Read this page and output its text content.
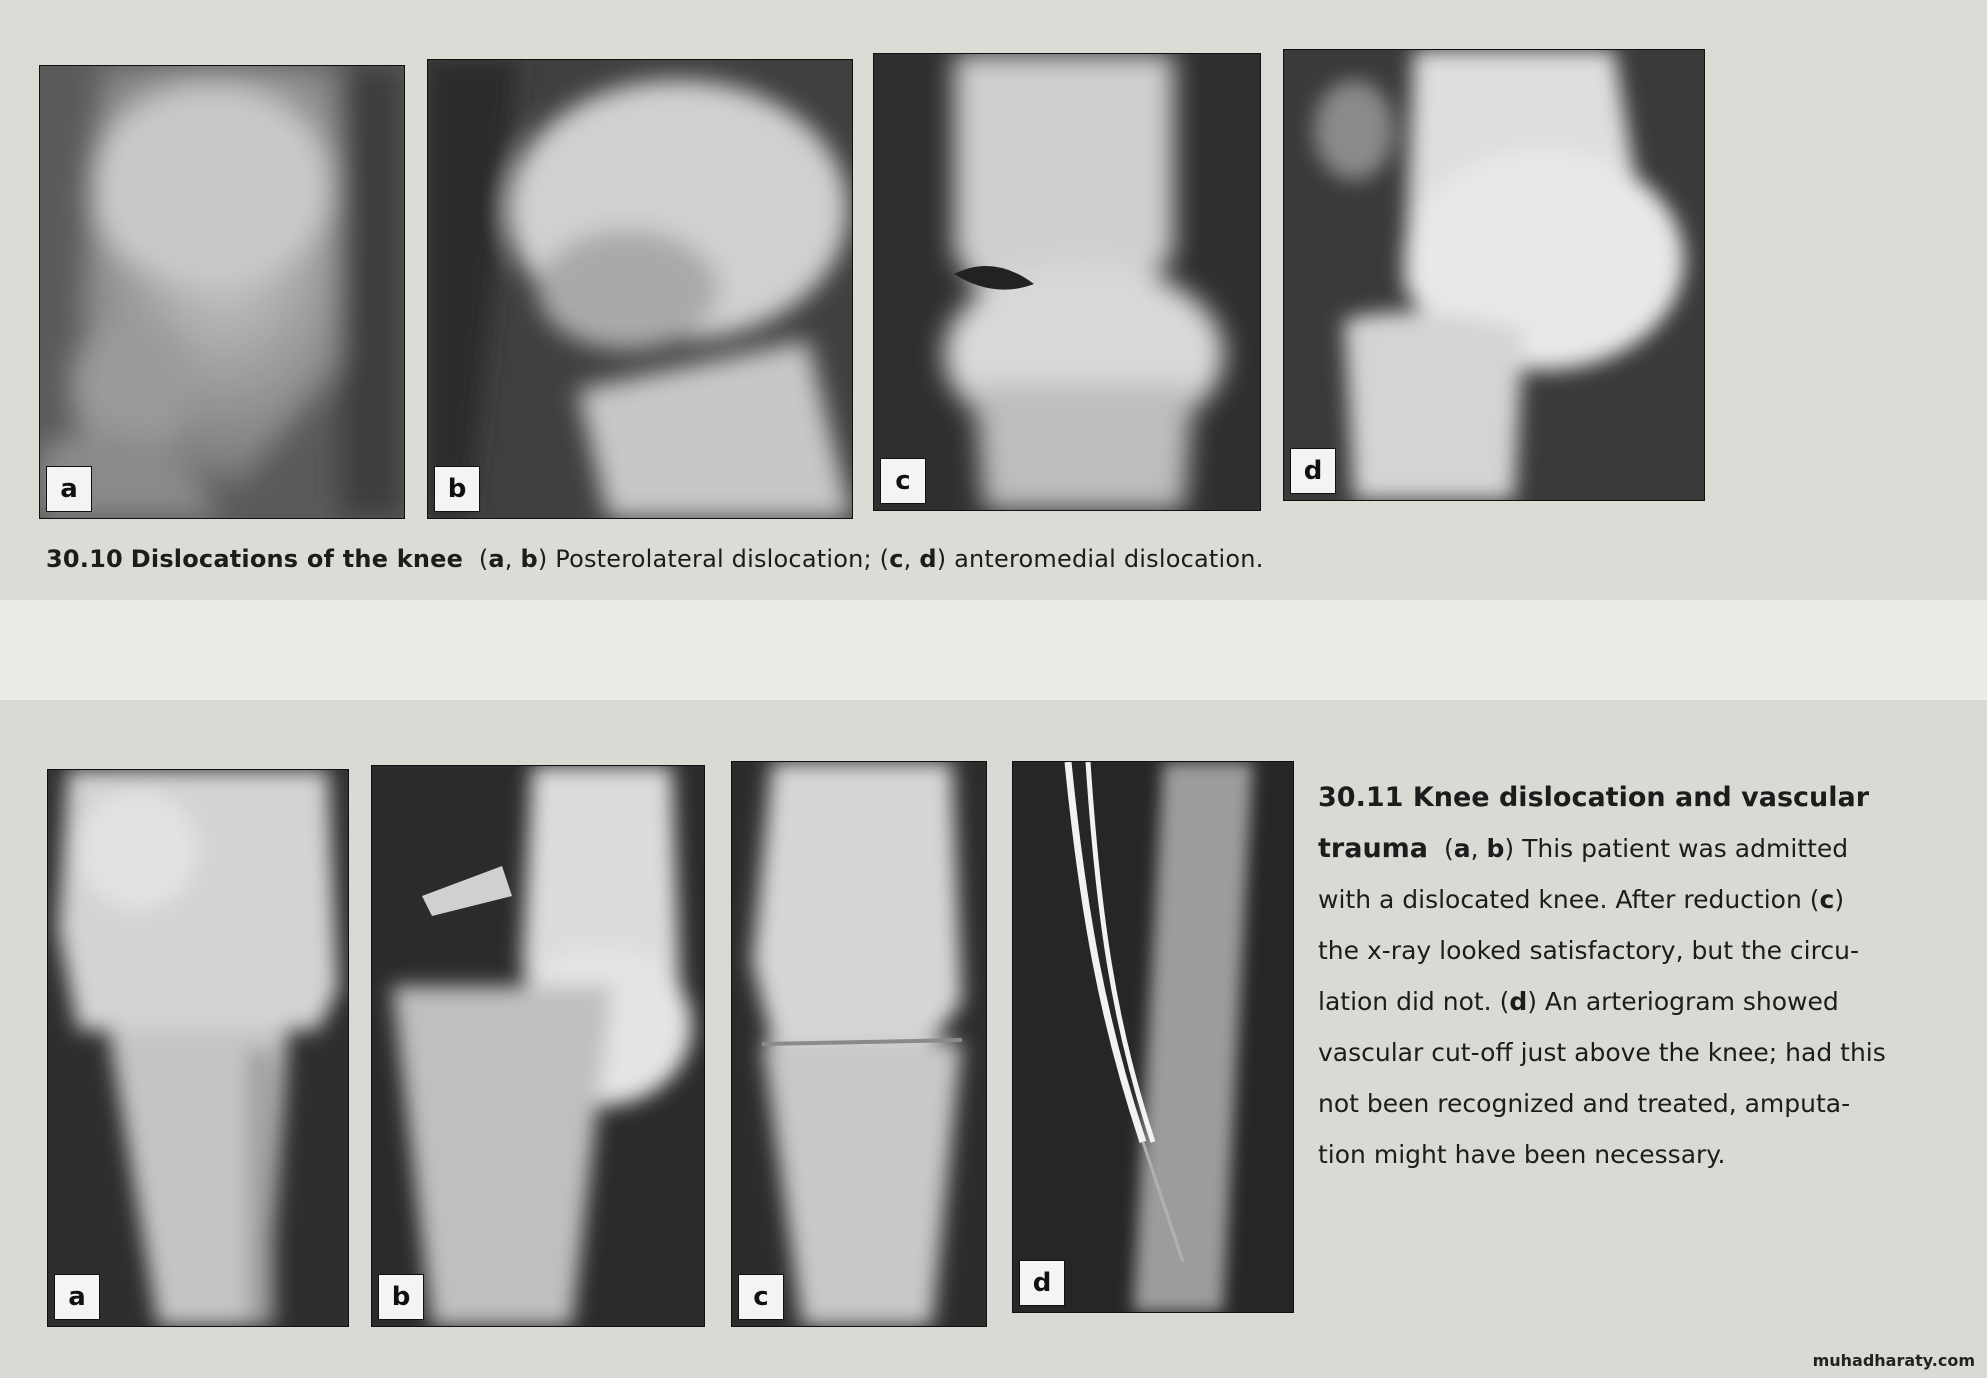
a	b	c	d
30.10 Dislocations of the knee (a, b) Posterolateral dislocation; (c, d) anteromedial dislocation.
a	b	c	d
30.11 Knee dislocation and vascular
trauma (a, b) This patient was admitted
with a dislocated knee. After reduction (c)
the x-ray looked satisfactory, but the circu-
lation did not. (d) An arteriogram showed
vascular cut-off just above the knee; had this
not been recognized and treated, amputa-
tion might have been necessary.
muhadharaty.com
